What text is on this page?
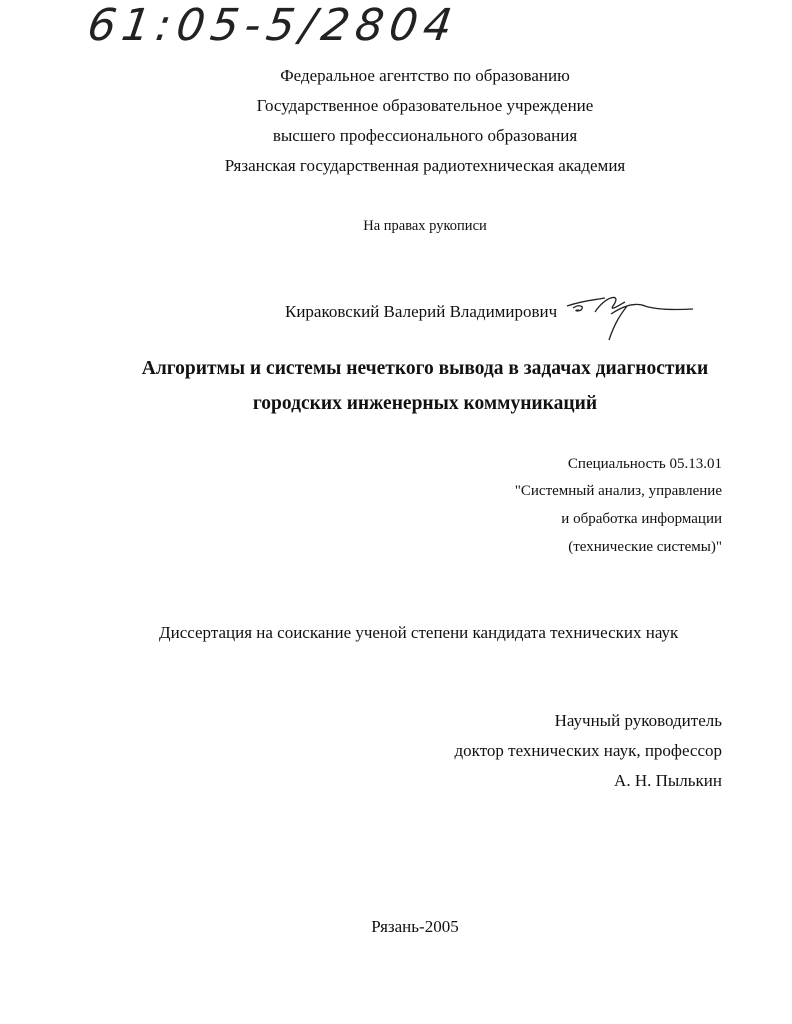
61:05-5/2804
Федеральное агентство по образованию
Государственное образовательное учреждение
высшего профессионального образования
Рязанская государственная радиотехническая академия
На правах рукописи
Кираковский Валерий Владимирович
Алгоритмы и системы нечеткого вывода в задачах диагностики
городских инженерных коммуникаций
Специальность 05.13.01
"Системный анализ, управление
и обработка информации
(технические системы)"
Диссертация на соискание ученой степени кандидата технических наук
Научный руководитель
доктор технических наук, профессор
А. Н. Пылькин
Рязань-2005
